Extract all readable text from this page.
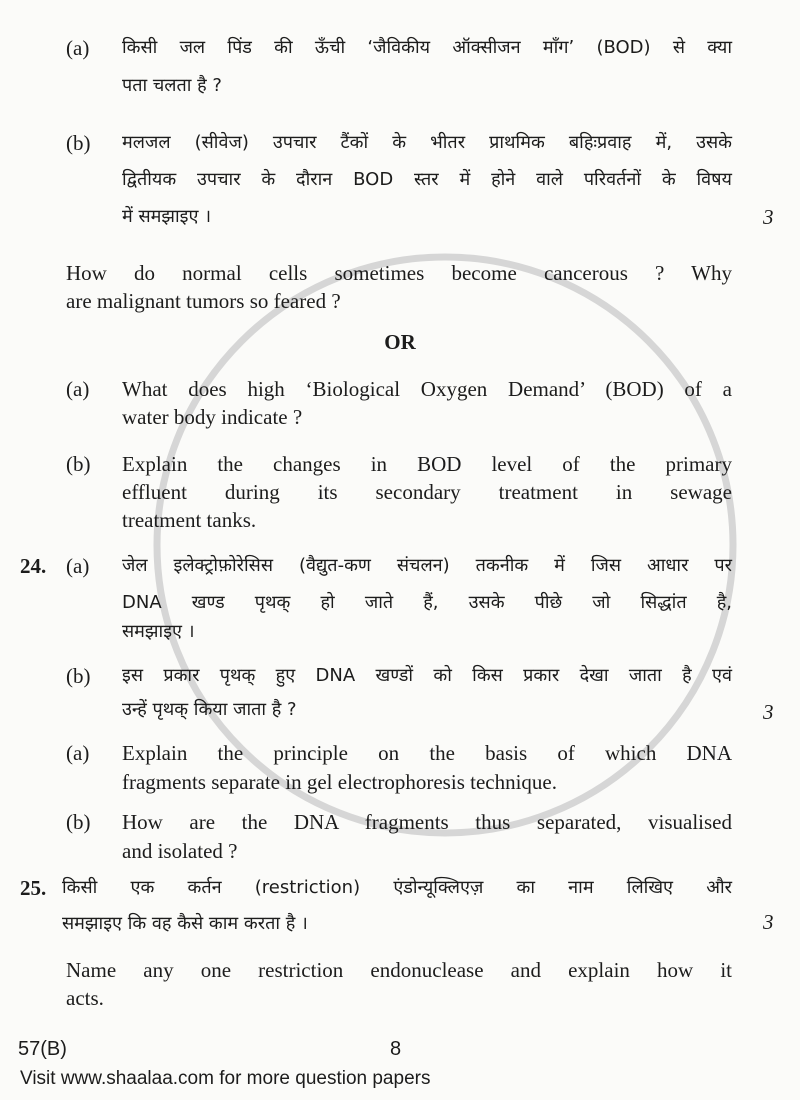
(a) किसी जल पिंड की ऊँची ‘जैविकीय ऑक्सीजन माँग’ (BOD) से क्या
पता चलता है ?
(b) मलजल (सीवेज) उपचार टैंकों के भीतर प्राथमिक बहिःप्रवाह में, उसके
द्वितीयक उपचार के दौरान BOD स्तर में होने वाले परिवर्तनों के विषय
में समझाइए ।	3
How do normal cells sometimes become cancerous ? Why
are malignant tumors so feared ?
OR
(a) What does high ‘Biological Oxygen Demand’ (BOD) of a
water body indicate ?
(b) Explain the changes in BOD level of the primary
effluent during its secondary treatment in sewage
treatment tanks.
24. (a) जेल इलेक्ट्रोफ़ोरेसिस (वैद्युत-कण संचलन) तकनीक में जिस आधार पर
DNA खण्ड पृथक् हो जाते हैं, उसके पीछे जो सिद्धांत है,
समझाइए ।
(b) इस प्रकार पृथक् हुए DNA खण्डों को किस प्रकार देखा जाता है एवं
उन्हें पृथक् किया जाता है ?	3
(a) Explain the principle on the basis of which DNA
fragments separate in gel electrophoresis technique.
(b) How are the DNA fragments thus separated, visualised
and isolated ?
25. किसी एक कर्तन (restriction) एंडोन्यूक्लिएज़ का नाम लिखिए और
समझाइए कि वह कैसे काम करता है ।	3
Name any one restriction endonuclease and explain how it
acts.
57(B)	8
Visit www.shaalaa.com for more question papers
